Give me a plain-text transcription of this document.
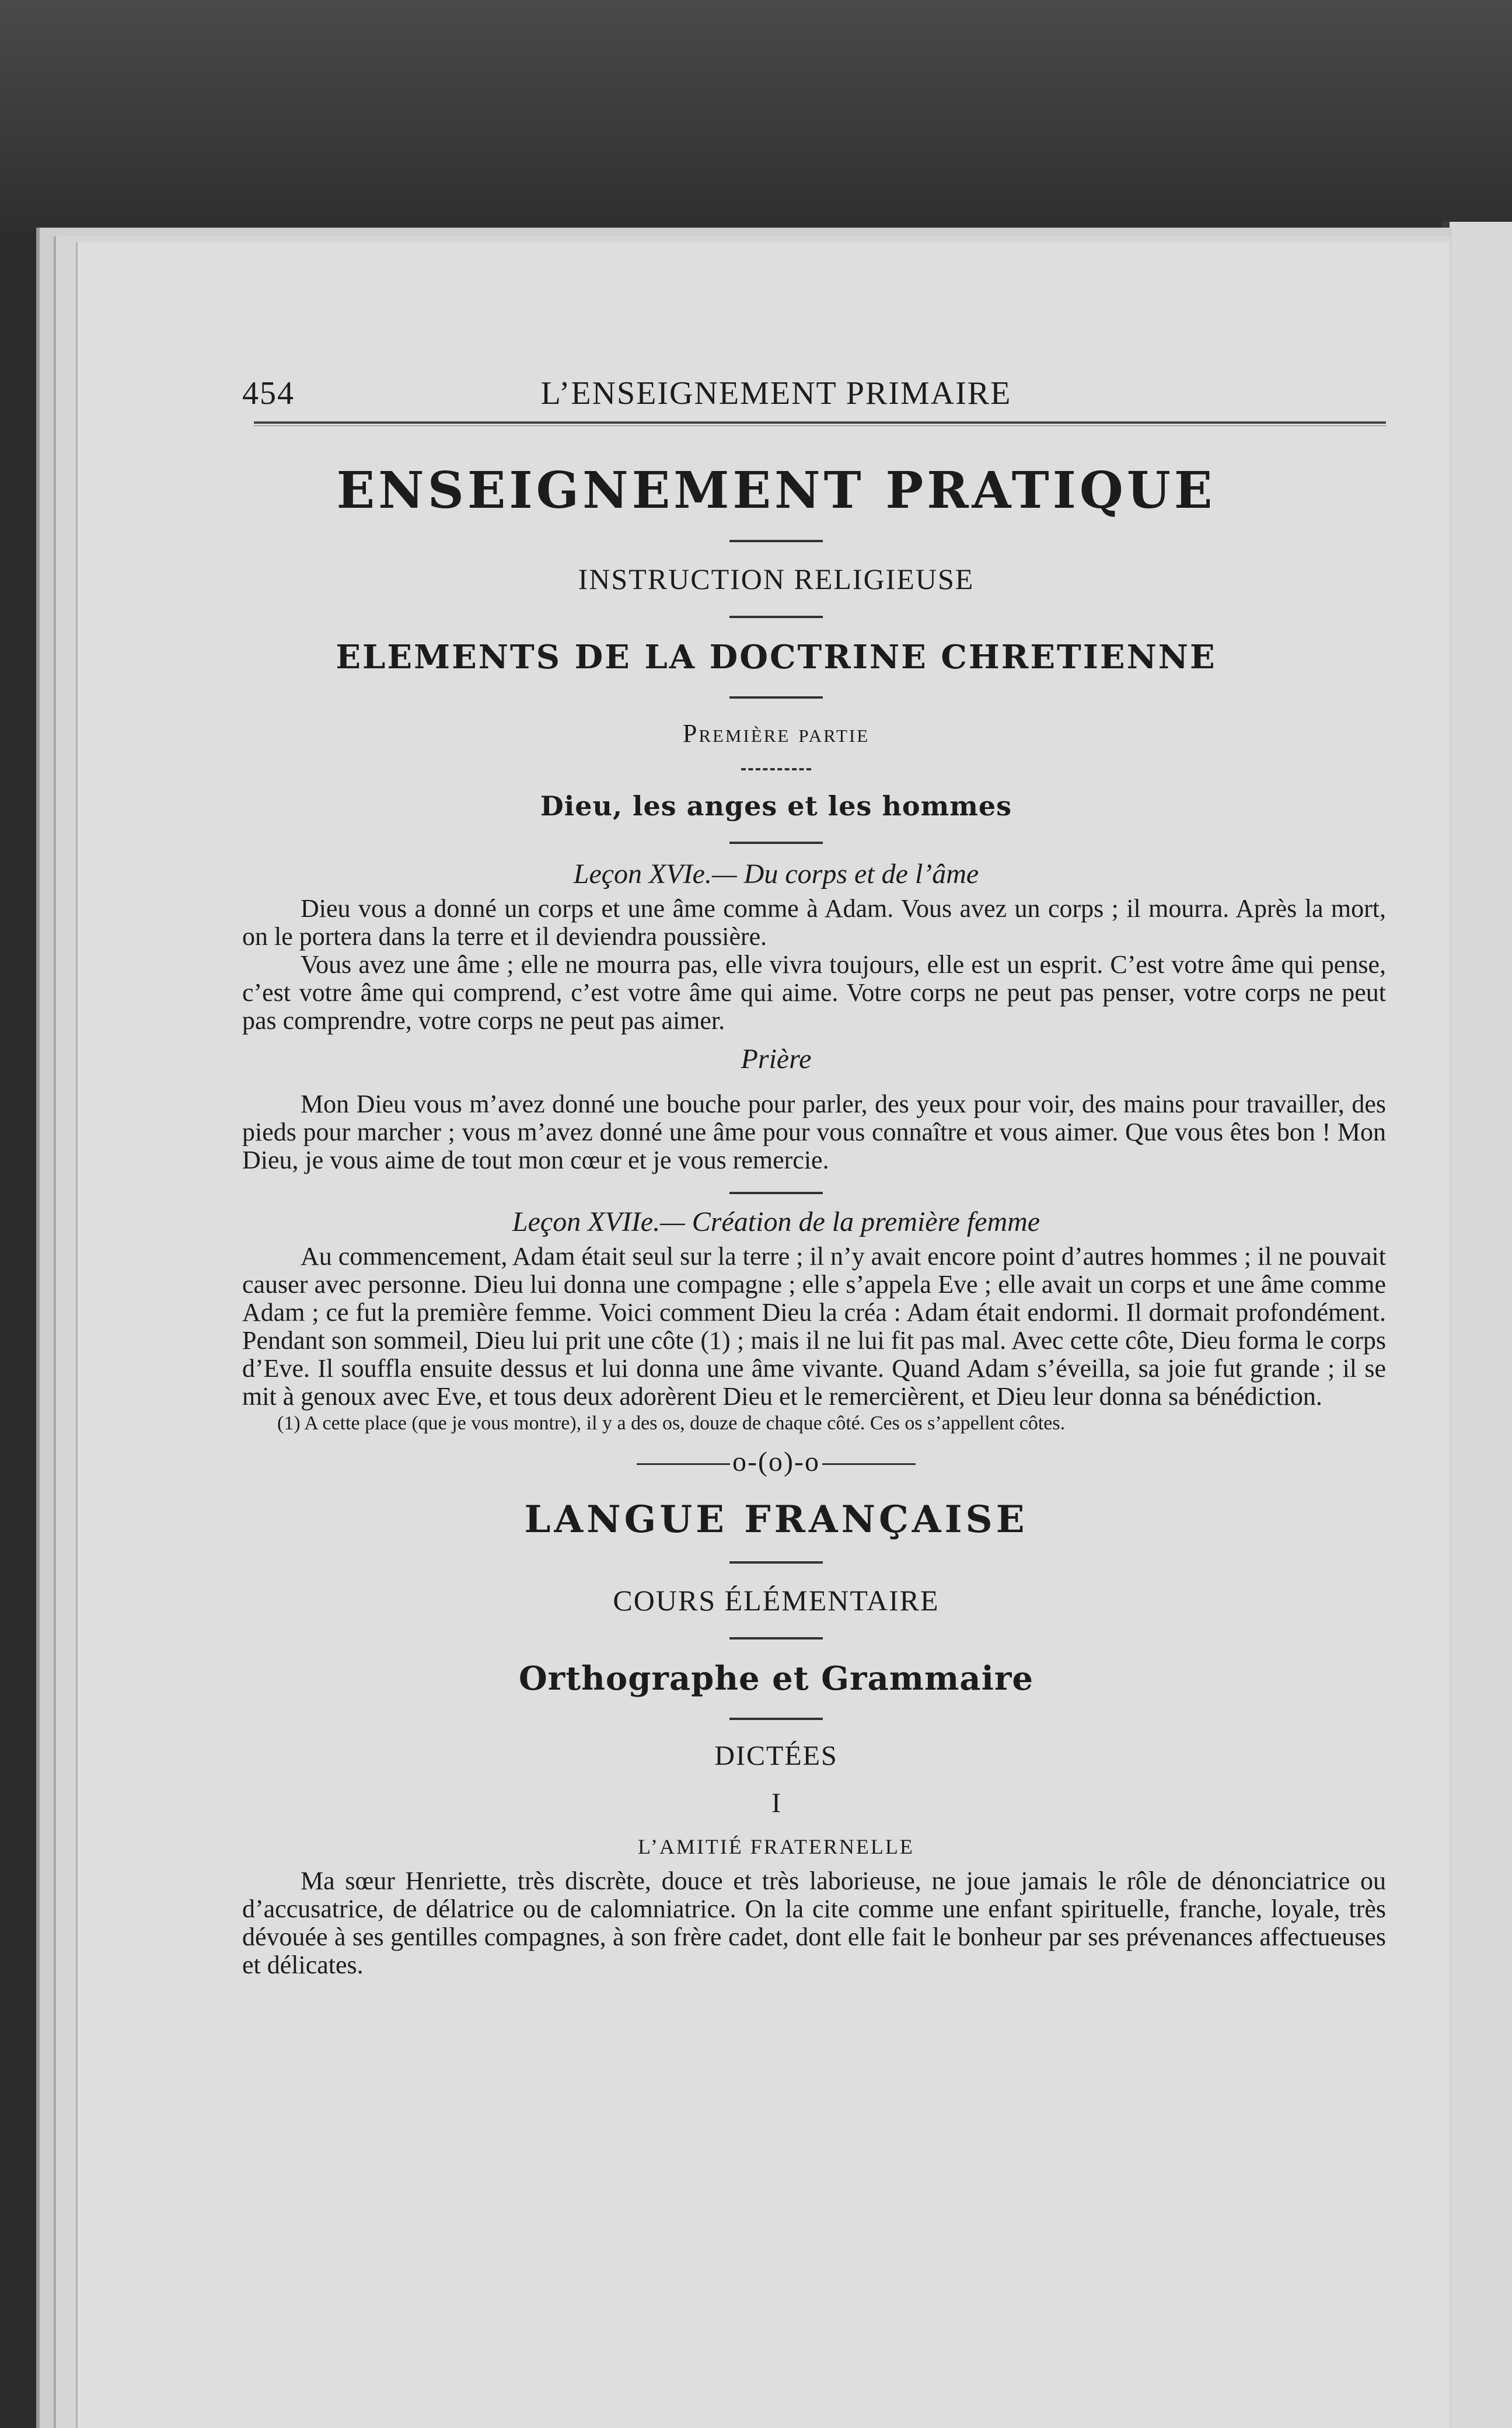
454	L’ENSEIGNEMENT PRIMAIRE
ENSEIGNEMENT PRATIQUE
INSTRUCTION RELIGIEUSE
ELEMENTS DE LA DOCTRINE CHRETIENNE
Première partie
Dieu, les anges et les hommes
Leçon XVIe.— Du corps et de l’âme

Dieu vous a donné un corps et une âme comme à Adam. Vous avez un corps ; il mourra. Après la mort, on le portera dans la terre et il deviendra poussière.

Vous avez une âme ; elle ne mourra pas, elle vivra toujours, elle est un esprit. C’est votre âme qui pense, c’est votre âme qui comprend, c’est votre âme qui aime. Votre corps ne peut pas penser, votre corps ne peut pas comprendre, votre corps ne peut pas aimer.

Prière

Mon Dieu vous m’avez donné une bouche pour parler, des yeux pour voir, des mains pour travailler, des pieds pour marcher ; vous m’avez donné une âme pour vous connaître et vous aimer. Que vous êtes bon ! Mon Dieu, je vous aime de tout mon cœur et je vous remercie.

Leçon XVIIe.— Création de la première femme

Au commencement, Adam était seul sur la terre ; il n’y avait encore point d’autres hommes ; il ne pouvait causer avec personne. Dieu lui donna une compagne ; elle s’appela Eve ; elle avait un corps et une âme comme Adam ; ce fut la première femme. Voici comment Dieu la créa : Adam était endormi. Il dormait profondément. Pendant son sommeil, Dieu lui prit une côte (1) ; mais il ne lui fit pas mal. Avec cette côte, Dieu forma le corps d’Eve. Il souffla ensuite dessus et lui donna une âme vivante. Quand Adam s’éveilla, sa joie fut grande ; il se mit à genoux avec Eve, et tous deux adorèrent Dieu et le remercièrent, et Dieu leur donna sa bénédiction.

(1) A cette place (que je vous montre), il y a des os, douze de chaque côté. Ces os s’appellent côtes.
o-(o)-o
LANGUE FRANÇAISE
COURS ÉLÉMENTAIRE
Orthographe et Grammaire
DICTÉES
I
L’AMITIÉ FRATERNELLE

Ma sœur Henriette, très discrète, douce et très laborieuse, ne joue jamais le rôle de dénonciatrice ou d’accusatrice, de délatrice ou de calomniatrice. On la cite comme une enfant spirituelle, franche, loyale, très dévouée à ses gentilles compagnes, à son frère cadet, dont elle fait le bonheur par ses prévenances affectueuses et délicates.
